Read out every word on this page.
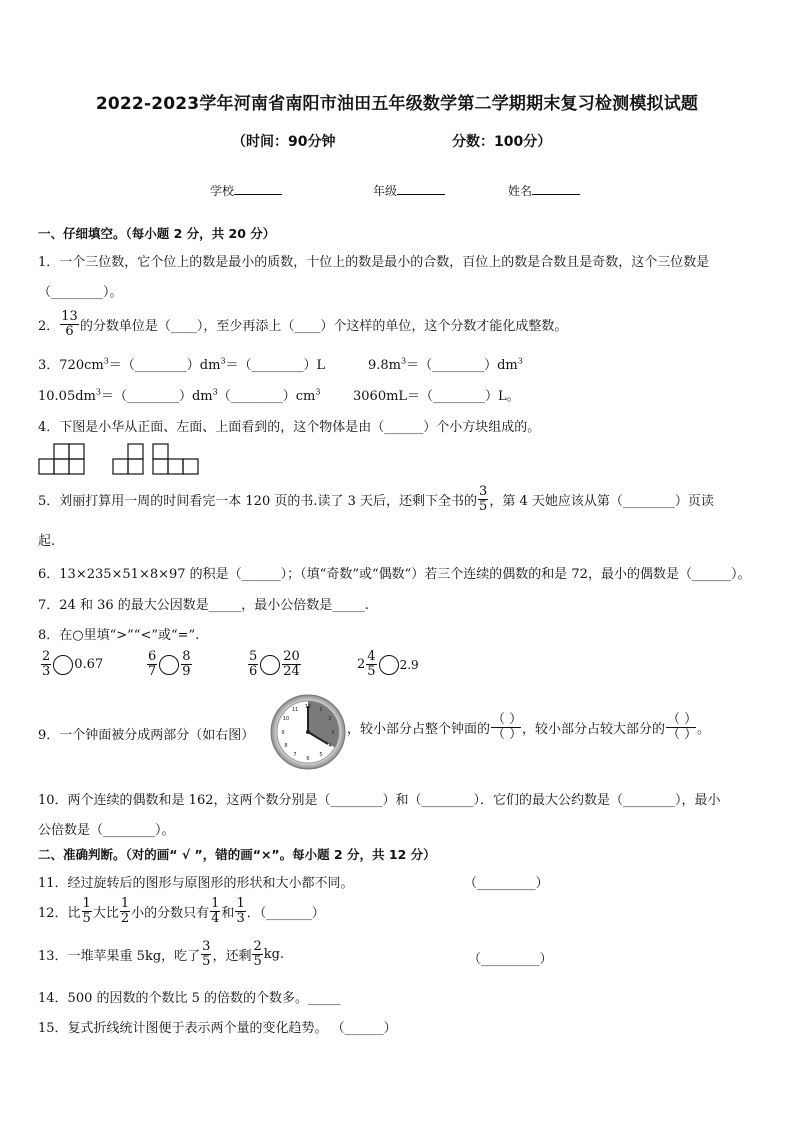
2022-2023学年河南省南阳市油田五年级数学第二学期期末复习检测模拟试题
（时间：90分钟	分数：100分）
学校	年级	姓名
一、仔细填空。（每小题 2 分，共 20 分）
1．一个三位数，它个位上的数是最小的质数，十位上的数是最小的合数，百位上的数是合数且是奇数，这个三位数是
（________）。
2． $\frac{13}{6}$ 的分数单位是（____），至少再添上（____）个这样的单位，这个分数才能化成整数。
3．$720cm^3=(\_\_\_\_\_\_\_\_)dm^3=(\_\_\_\_\_\_\_\_)L$	$9.8m^3=(\_\_\_\_\_\_\_\_)dm^3$
$10.05dm^3=(\_\_\_\_\_\_\_\_)dm^3(\_\_\_\_\_\_\_\_)cm^3$	3060mL＝（________）L。
4．下图是小华从正面、左面、上面看到的，这个物体是由（______）个小方块组成的。
5．刘丽打算用一周的时间看完一本 120 页的书.读了 3 天后，还剩下全书的 $\frac{3}{5}$ ，第 4 天她应该从第（________）页读
起.
6．13×235×51×8×97 的积是（______）；（填“奇数”或“偶数”）若三个连续的偶数的和是 72，最小的偶数是（______）。
7．24 和 36 的最大公因数是_____，最小公倍数是_____.
8．在○里填“>”“<”或“=”.
$\frac{2}{3} 0.67$	$\frac{6}{7} \frac{8}{9}$	$\frac{5}{6} \frac{20}{24}$	$2 \frac{4}{5} 2.9$
9．一个钟面被分成两部分（如右图）
12 1
2
3
4
5
6
7
8
9
10
11
，较小部分占整个钟面的 $\frac{( )}{( )}$ ，较小部分占较大部分的 $\frac{( )}{( )}$ 。
10．两个连续的偶数和是 162，这两个数分别是（________）和（________）．它们的最大公约数是（________），最小
公倍数是（________）。
二、准确判断。（对的画“ √ ”，错的画“×”。每小题 2 分，共 12 分）
11．经过旋转后的图形与原图形的形状和大小都不同。	（_________）
12．比 $\frac{1}{5}$ 大比 $\frac{1}{2}$ 小的分数只有 $\frac{1}{4}$ 和 $\frac{1}{3}$ ．（_______）
13．一堆苹果重 5kg，吃了 $\frac{3}{5}$ ，还剩 $\frac{2}{5}$ kg.	（_________）
14．500 的因数的个数比 5 的倍数的个数多。_____
15．复式折线统计图便于表示两个量的变化趋势。 （______）
